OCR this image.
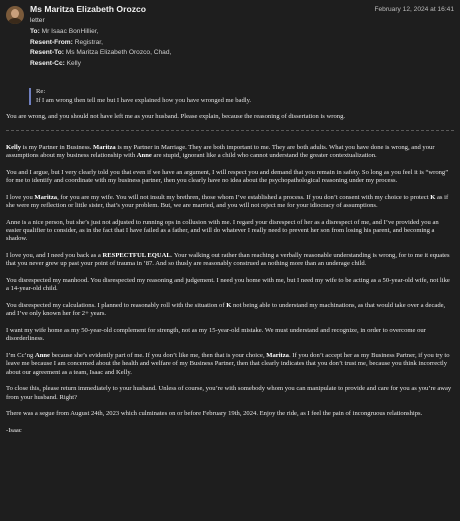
Ms Maritza Elizabeth Orozco	February 12, 2024 at 16:41
letter
To: Mr Isaac BonHillier,
Resent-From: Registrar,
Resent-To: Ms Maritza Elizabeth Orozco, Chad,
Resent-Cc: Kelly
Re:
If I am wrong then tell me but I have explained how you have wronged me badly.

You are wrong, and you should not have left me as your husband. Please explain, because the reasoning of dissertation is wrong.

Kelly is my Partner in Business. Maritza is my Partner in Marriage. They are both important to me. They are both adults. What you have done is wrong, and your assumptions about my business relationship with Anne are stupid, ignorant like a child who cannot understand the greater contextualization.

You and I argue, but I very clearly told you that even if we have an argument, I will respect you and demand that you remain in safety. So long as you feel it is “wrong” for me to identify and coordinate with my business partner, then you clearly have no idea about the psychopathological reasoning under my process.

I love you Maritza, for you are my wife. You will not insult my brethren, those whom I’ve established a process. If you don’t consent with my choice to protect K as if she were my reflection or little sister, that’s your problem. But, we are married, and you will not reject me for your idiocracy of assumptions.

Anne is a nice person, but she’s just not adjusted to running ops in collusion with me. I regard your disrespect of her as a disrespect of me, and I’ve provided you an easier qualifier to consider, as in the fact that I have failed as a father, and will do whatever I really need to prevent her son from losing his parent, and becoming a shadow.

I love you, and I need you back as a RESPECTFUL EQUAL. Your walking out rather than reaching a verbally reasonable understanding is wrong, for to me it equates that you never grew up past your point of trauma in ’87. And so thusly are reasonably construed as nothing more than an underage child.

You disrespected my manhood. You disrespected my reasoning and judgement. I need you home with me, but I need my wife to be acting as a 50-year-old wife, not like a 14-year-old child.

You disrespected my calculations. I planned to reasonably roll with the situation of K not being able to understand my machinations, as that would take over a decade, and I’ve only known her for 2+ years.

I want my wife home as my 50-year-old complement for strength, not as my 15-year-old mistake. We must understand and recognize, in order to overcome our disorderliness.

I’m Cc’ng Anne because she’s evidently part of me. If you don’t like me, then that is your choice, Maritza. If you don’t accept her as my Business Partner, if you try to leave me because I am concerned about the health and welfare of my Business Partner, then that clearly indicates that you don’t trust me, because you think incorrectly about our agreement as a team, Isaac and Kelly.

To close this, please return immediately to your husband. Unless of course, you’re with somebody whom you can manipulate to provide and care for you as you’re away from your husband. Right?

There was a segue from August 24th, 2023 which culminates on or before February 19th, 2024. Enjoy the ride, as I feel the pain of incongruous relationships.

-Isaac
